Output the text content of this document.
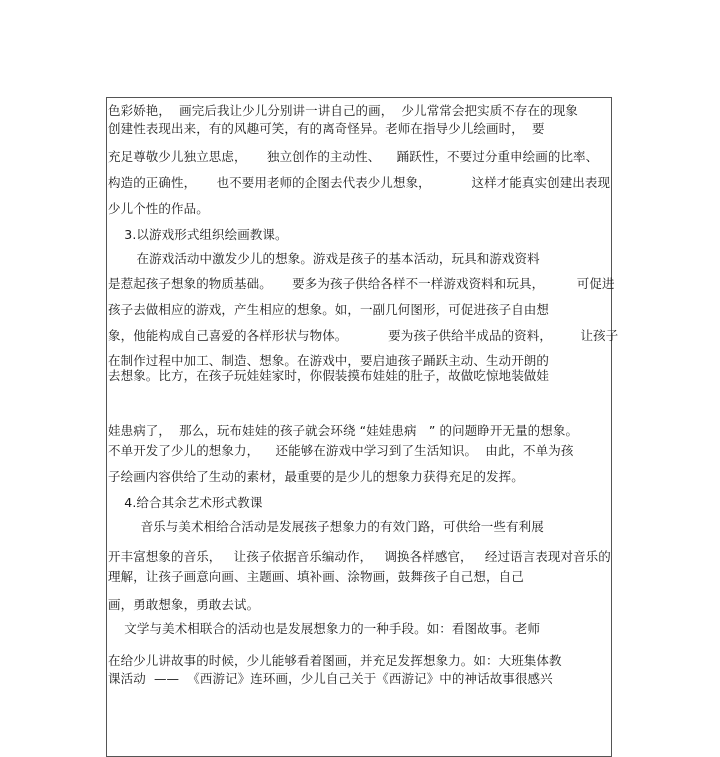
色彩娇艳，  画完后我让少儿分别讲一讲自己的画，  少儿常常会把实质不存在的现象
创建性表现出来，有的风趣可笑，有的离奇怪异。老师在指导少儿绘画时，  要
充足尊敬少儿独立思虑，     独立创作的主动性、    踊跃性，不要过分重申绘画的比率、
构造的正确性，     也不要用老师的企图去代表少儿想象，          这样才能真实创建出表现
少儿个性的作品。
3.以游戏形式组织绘画教课。
在游戏活动中激发少儿的想象。游戏是孩子的基本活动，玩具和游戏资料
是惹起孩子想象的物质基础。     要多为孩子供给各样不一样游戏资料和玩具，        可促进
孩子去做相应的游戏，产生相应的想象。如，一副几何图形，可促进孩子自由想
象，他能构成自己喜爱的各样形状与物体。          要为孩子供给半成品的资料，       让孩子
在制作过程中加工、制造、想象。在游戏中，要启迪孩子踊跃主动、生动开朗的
去想象。比方，在孩子玩娃娃家时，你假装摸布娃娃的肚子，故做吃惊地装做娃
娃患病了，  那么，玩布娃娃的孩子就会环绕 “娃娃患病   ” 的问题睁开无量的想象。
不单开发了少儿的想象力，    还能够在游戏中学习到了生活知识。  由此，不单为孩
子绘画内容供给了生动的素材，最重要的是少儿的想象力获得充足的发挥。
4.给合其余艺术形式教课
音乐与美术相给合活动是发展孩子想象力的有效门路，可供给一些有利展
开丰富想象的音乐，   让孩子依据音乐编动作，   调换各样感官，   经过语言表现对音乐的
理解，让孩子画意向画、主题画、填补画、涂物画，鼓舞孩子自己想，自己
画，勇敢想象，勇敢去试。
文学与美术相联合的活动也是发展想象力的一种手段。如：看图故事。老师
在给少儿讲故事的时候，少儿能够看着图画，并充足发挥想象力。如：大班集体教
课活动  ——  《西游记》连环画，少儿自己关于《西游记》中的神话故事很感兴
